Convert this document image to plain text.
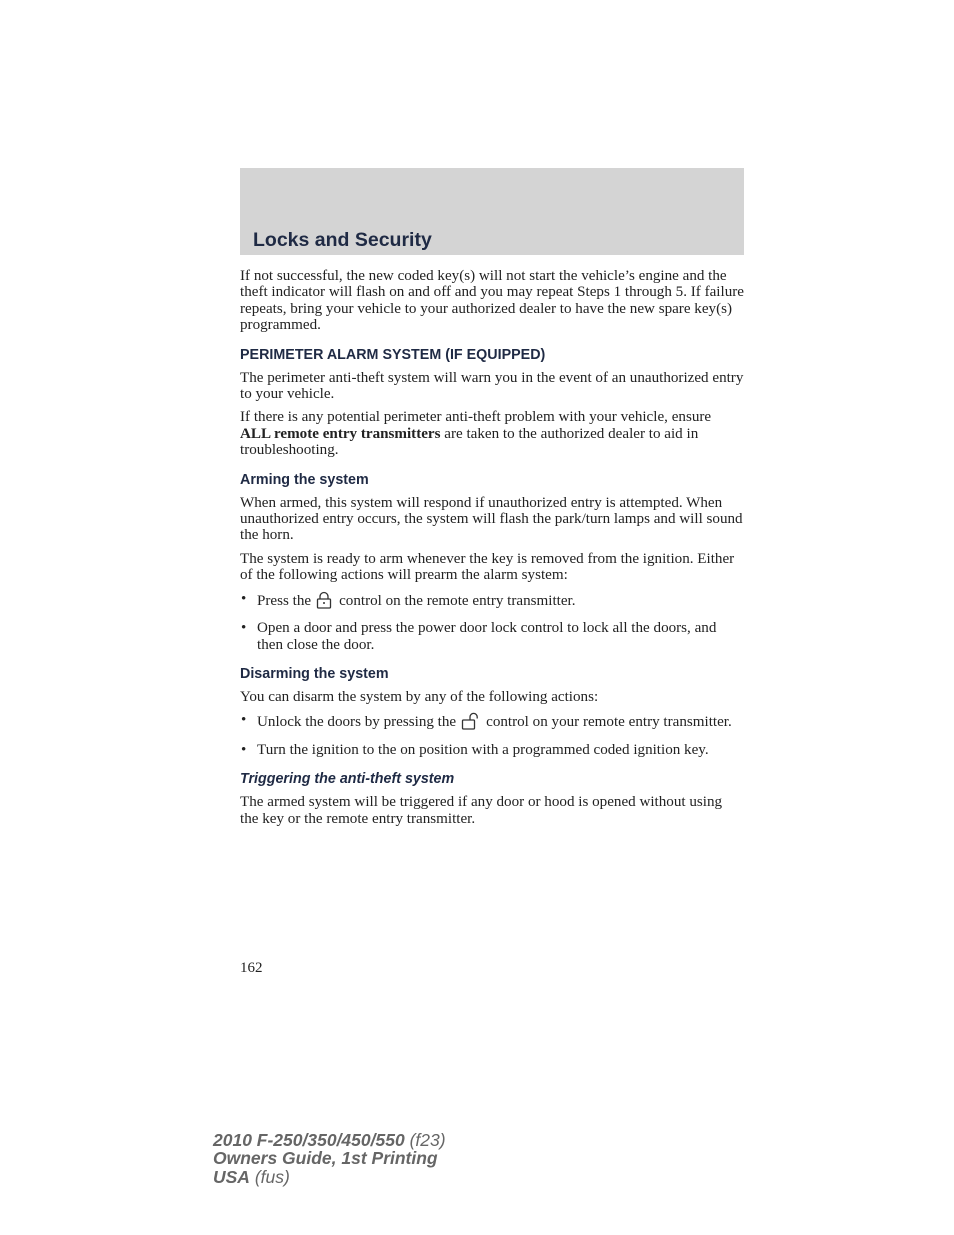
Locks and Security

If not successful, the new coded key(s) will not start the vehicle’s engine and the theft indicator will flash on and off and you may repeat Steps 1 through 5. If failure repeats, bring your vehicle to your authorized dealer to have the new spare key(s) programmed.

PERIMETER ALARM SYSTEM (IF EQUIPPED)

The perimeter anti-theft system will warn you in the event of an unauthorized entry to your vehicle.

If there is any potential perimeter anti-theft problem with your vehicle, ensure ALL remote entry transmitters are taken to the authorized dealer to aid in troubleshooting.

Arming the system

When armed, this system will respond if unauthorized entry is attempted. When unauthorized entry occurs, the system will flash the park/turn lamps and will sound the horn.

The system is ready to arm whenever the key is removed from the ignition. Either of the following actions will prearm the alarm system:

• Press the control on the remote entry transmitter.
• Open a door and press the power door lock control to lock all the doors, and then close the door.
Disarming the system

You can disarm the system by any of the following actions:

• Unlock the doors by pressing the control on your remote entry transmitter.
• Turn the ignition to the on position with a programmed coded ignition key.
Triggering the anti-theft system

The armed system will be triggered if any door or hood is opened without using the key or the remote entry transmitter.

162
2010 F-250/350/450/550 (f23)
Owners Guide, 1st Printing
USA (fus)
